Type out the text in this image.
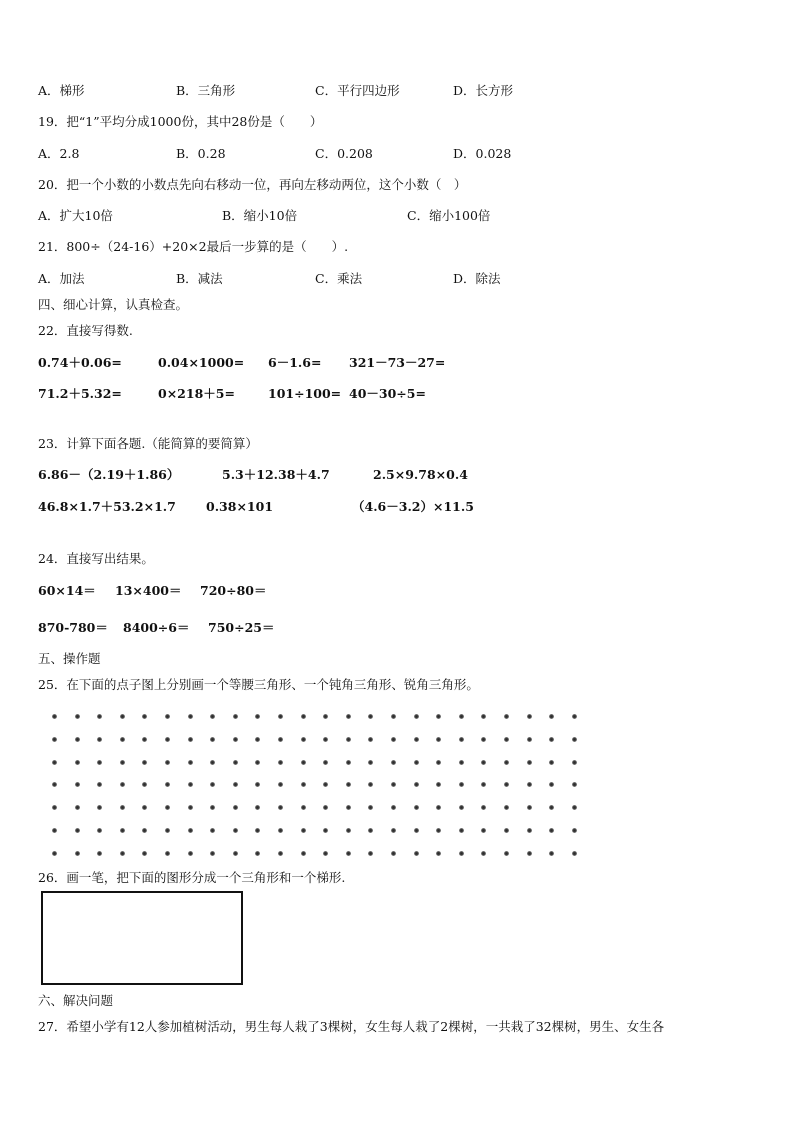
A．梯形	B．三角形	C．平行四边形	D．长方形
19．把“1”平均分成1000份，其中28份是（　　）
A．2.8	B．0.28	C．0.208	D．0.028
20．把一个小数的小数点先向右移动一位，再向左移动两位，这个小数（　）
A．扩大10倍	B．缩小10倍	C．缩小100倍
21．800÷（24-16）+20×2最后一步算的是（　　）.
A．加法	B．减法	C．乘法	D．除法
四、细心计算，认真检查。
22．直接写得数.
0.74＋0.06=	0.04×1000= 6－1.6= 321－73－27=
71.2＋5.32=	0×218＋5=	101÷100= 40－30÷5=
23．计算下面各题.（能简算的要简算）
6.86－（2.19＋1.86）	5.3＋12.38＋4.7	2.5×9.78×0.4
46.8×1.7＋53.2×1.7 0.38×101	（4.6－3.2）×11.5
24．直接写出结果。
60×14＝ 13×400＝ 720÷80＝
870-780＝ 8400÷6＝ 750÷25＝
五、操作题
25．在下面的点子图上分别画一个等腰三角形、一个钝角三角形、锐角三角形。
26．画一笔，把下面的图形分成一个三角形和一个梯形.
六、解决问题
27．希望小学有12人参加植树活动，男生每人栽了3棵树，女生每人栽了2棵树，一共栽了32棵树，男生、女生各
